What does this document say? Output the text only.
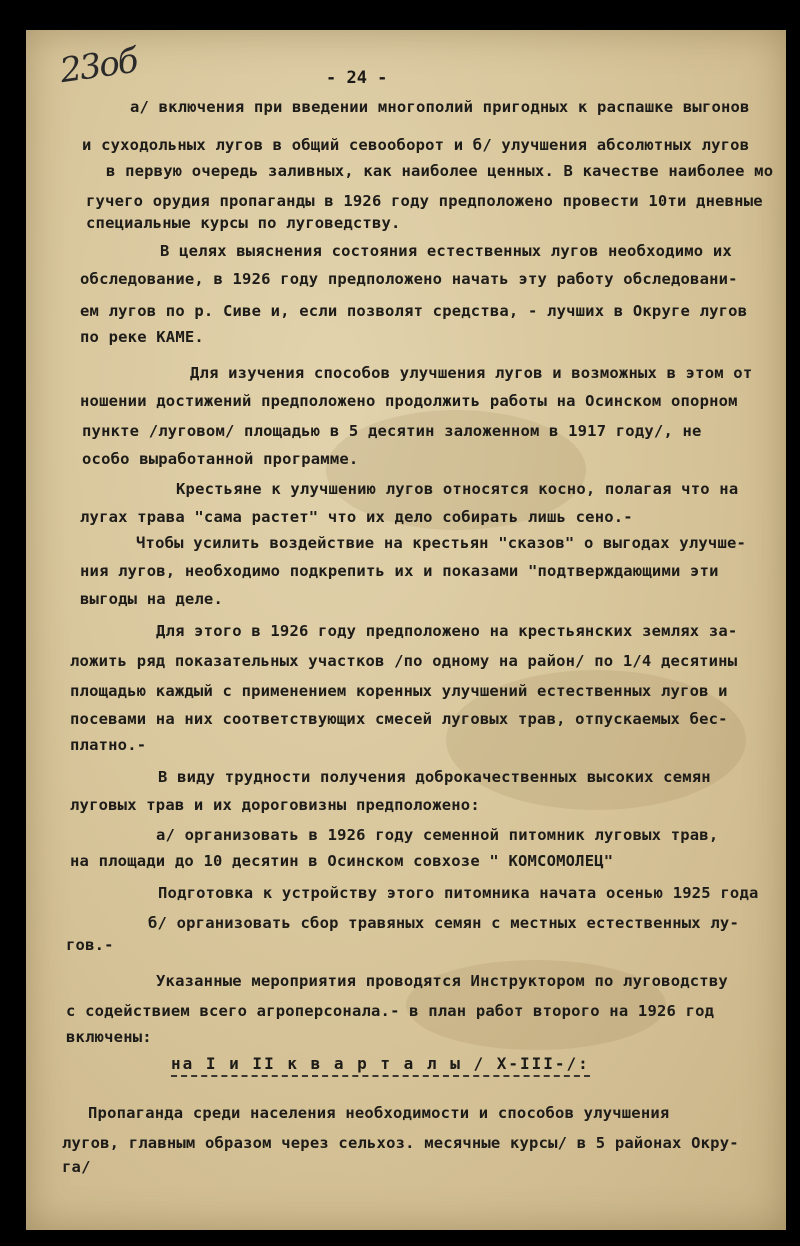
23об	- 24 -
а/ включения при введении многополий пригодных к распашке выгонов
и суходольных лугов в общий севооборот и б/ улучшения абсолютных лугов
в первую очередь заливных, как наиболее ценных. В качестве наиболее мо
гучего орудия пропаганды в 1926 году предположено провести 10ти дневные
специальные курсы по луговедству.
В целях выяснения состояния естественных лугов необходимо их
обследование, в 1926 году предположено начать эту работу обследовани-
ем лугов по р. Сиве и, если позволят средства, - лучших в Округе лугов
по реке КАМЕ.
Для изучения способов улучшения лугов и возможных в этом от
ношении достижений предположено продолжить работы на Осинском опорном
пункте /луговом/ площадью в 5 десятин заложенном в 1917 году/, не
особо выработанной программе.
Крестьяне к улучшению лугов относятся косно, полагая что на
лугах трава "сама растет" что их дело собирать лишь сено.-
Чтобы усилить воздействие на крестьян "сказов" о выгодах улучше-
ния лугов, необходимо подкрепить их и показами "подтверждающими эти
выгоды на деле.
Для этого в 1926 году предположено на крестьянских землях за-
ложить ряд показательных участков /по одному на район/ по 1/4 десятины
площадью каждый с применением коренных улучшений естественных лугов и
посевами на них соответствующих смесей луговых трав, отпускаемых бес-
платно.-
В виду трудности получения доброкачественных высоких семян
луговых трав и их дороговизны предположено:
а/ организовать в 1926 году семенной питомник луговых трав,
на площади до 10 десятин в Осинском совхозе " КОМСОМОЛЕЦ"
Подготовка к устройству этого питомника начата осенью 1925 года
б/ организовать сбор травяных семян с местных естественных лу-
гов.-
Указанные мероприятия проводятся Инструктором по луговодству
с содействием всего агроперсонала.- в план работ второго на 1926 год
включены:
на I и II к в а р т а л ы / X-III-/:
Пропаганда среди населения необходимости и способов улучшения
лугов, главным образом через сельхоз. месячные курсы/ в 5 районах Окру-
га/
